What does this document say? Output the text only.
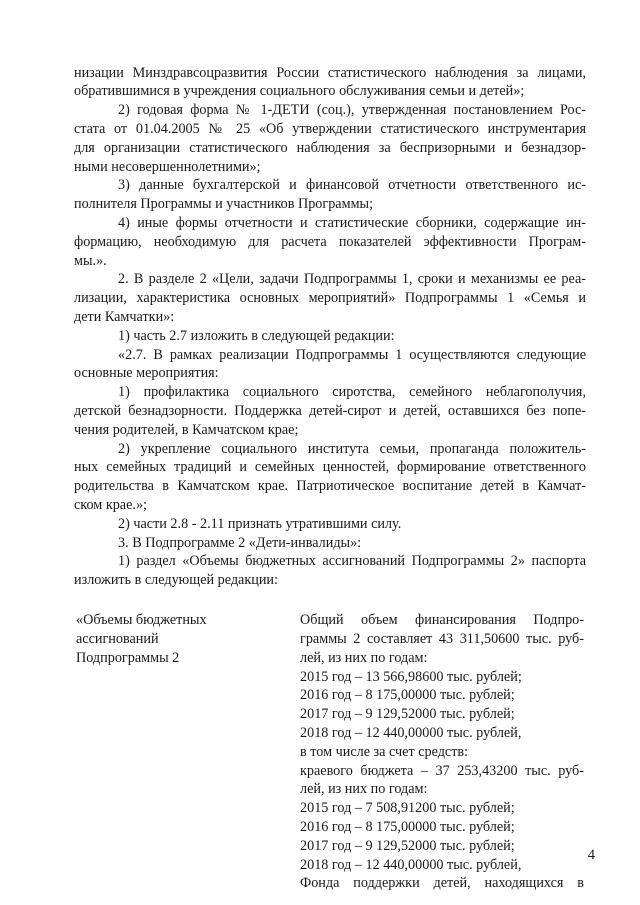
низации Минздравсоцразвития России статистического наблюдения за лицами,
обратившимися в учреждения социального обслуживания семьи и детей»;
2) годовая форма № 1-ДЕТИ (соц.), утвержденная постановлением Рос-
стата от 01.04.2005 № 25 «Об утверждении статистического инструментария
для организации статистического наблюдения за беспризорными и безнадзор-
ными несовершеннолетними»;
3) данные бухгалтерской и финансовой отчетности ответственного ис-
полнителя Программы и участников Программы;
4) иные формы отчетности и статистические сборники, содержащие ин-
формацию, необходимую для расчета показателей эффективности Програм-
мы.».
2. В разделе 2 «Цели, задачи Подпрограммы 1, сроки и механизмы ее реа-
лизации, характеристика основных мероприятий» Подпрограммы 1 «Семья и
дети Камчатки»:
1) часть 2.7 изложить в следующей редакции:
«2.7. В рамках реализации Подпрограммы 1 осуществляются следующие
основные мероприятия:
1) профилактика социального сиротства, семейного неблагополучия,
детской безнадзорности. Поддержка детей-сирот и детей, оставшихся без попе-
чения родителей, в Камчатском крае;
2) укрепление социального института семьи, пропаганда положитель-
ных семейных традиций и семейных ценностей, формирование ответственного
родительства в Камчатском крае. Патриотическое воспитание детей в Камчат-
ском крае.»;
2) части 2.8 - 2.11 признать утратившими силу.
3. В Подпрограмме 2 «Дети-инвалиды»:
1) раздел «Объемы бюджетных ассигнований Подпрограммы 2» паспорта
изложить в следующей редакции:
«Объемы бюджетных
ассигнований
Подпрограммы 2
Общий объем финансирования Подпро-
граммы 2 составляет 43 311,50600 тыс. руб-
лей, из них по годам:
2015 год – 13 566,98600 тыс. рублей;
2016 год – 8 175,00000 тыс. рублей;
2017 год – 9 129,52000 тыс. рублей;
2018 год – 12 440,00000 тыс. рублей,
в том числе за счет средств:
краевого бюджета – 37 253,43200 тыс. руб-
лей, из них по годам:
2015 год – 7 508,91200 тыс. рублей;
2016 год – 8 175,00000 тыс. рублей;
2017 год – 9 129,52000 тыс. рублей;
2018 год – 12 440,00000 тыс. рублей,
Фонда поддержки детей, находящихся в
4
